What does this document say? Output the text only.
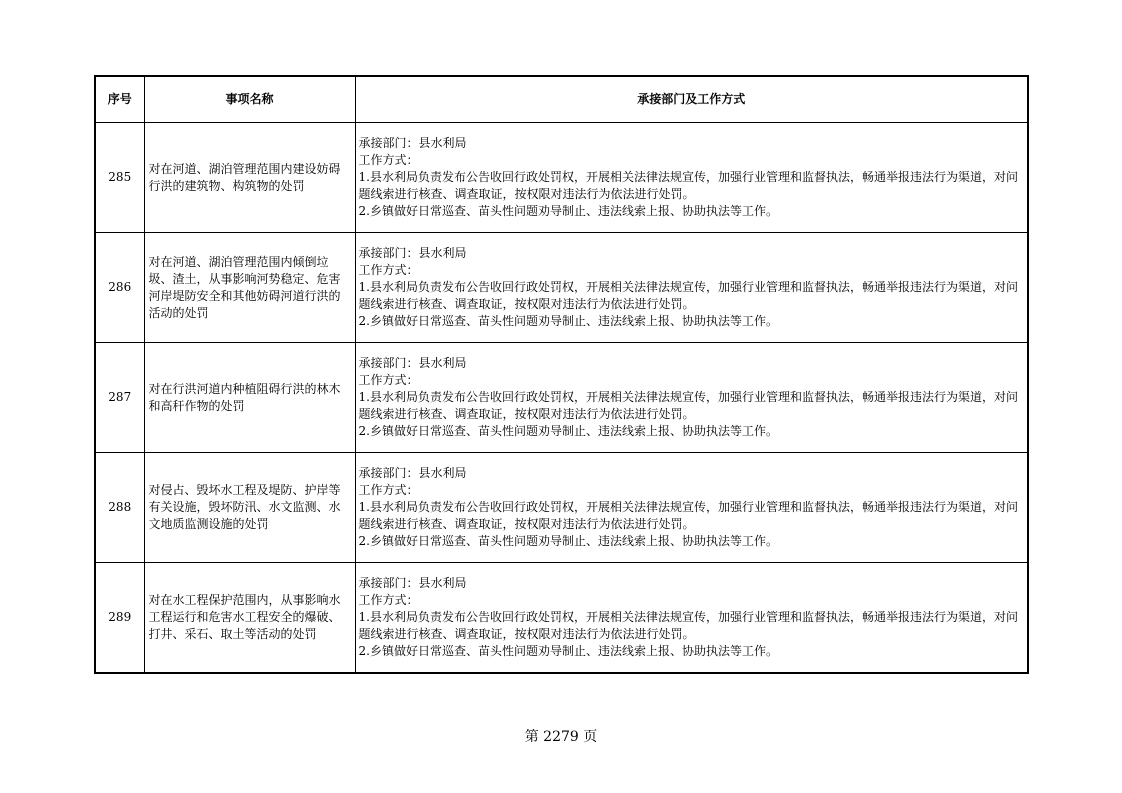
序号	事项名称	承接部门及工作方式
285	对在河道、湖泊管理范围内建设妨碍行洪的建筑物、构筑物的处罚	承接部门：县水利局
工作方式：
1.县水利局负责发布公告收回行政处罚权，开展相关法律法规宣传，加强行业管理和监督执法，畅通举报违法行为渠道，对问题线索进行核查、调查取证，按权限对违法行为依法进行处罚。
2.乡镇做好日常巡查、苗头性问题劝导制止、违法线索上报、协助执法等工作。

286	对在河道、湖泊管理范围内倾倒垃圾、渣土，从事影响河势稳定、危害河岸堤防安全和其他妨碍河道行洪的活动的处罚	承接部门：县水利局
工作方式：
1.县水利局负责发布公告收回行政处罚权，开展相关法律法规宣传，加强行业管理和监督执法，畅通举报违法行为渠道，对问题线索进行核查、调查取证，按权限对违法行为依法进行处罚。
2.乡镇做好日常巡查、苗头性问题劝导制止、违法线索上报、协助执法等工作。

287	对在行洪河道内种植阻碍行洪的林木和高秆作物的处罚	承接部门：县水利局
工作方式：
1.县水利局负责发布公告收回行政处罚权，开展相关法律法规宣传，加强行业管理和监督执法，畅通举报违法行为渠道，对问题线索进行核查、调查取证，按权限对违法行为依法进行处罚。
2.乡镇做好日常巡查、苗头性问题劝导制止、违法线索上报、协助执法等工作。

288	对侵占、毁坏水工程及堤防、护岸等有关设施，毁坏防汛、水文监测、水文地质监测设施的处罚	承接部门：县水利局
工作方式：
1.县水利局负责发布公告收回行政处罚权，开展相关法律法规宣传，加强行业管理和监督执法，畅通举报违法行为渠道，对问题线索进行核查、调查取证，按权限对违法行为依法进行处罚。
2.乡镇做好日常巡查、苗头性问题劝导制止、违法线索上报、协助执法等工作。

289	对在水工程保护范围内，从事影响水工程运行和危害水工程安全的爆破、打井、采石、取土等活动的处罚	承接部门：县水利局
工作方式：
1.县水利局负责发布公告收回行政处罚权，开展相关法律法规宣传，加强行业管理和监督执法，畅通举报违法行为渠道，对问题线索进行核查、调查取证，按权限对违法行为依法进行处罚。
2.乡镇做好日常巡查、苗头性问题劝导制止、违法线索上报、协助执法等工作。
第 2279 页
